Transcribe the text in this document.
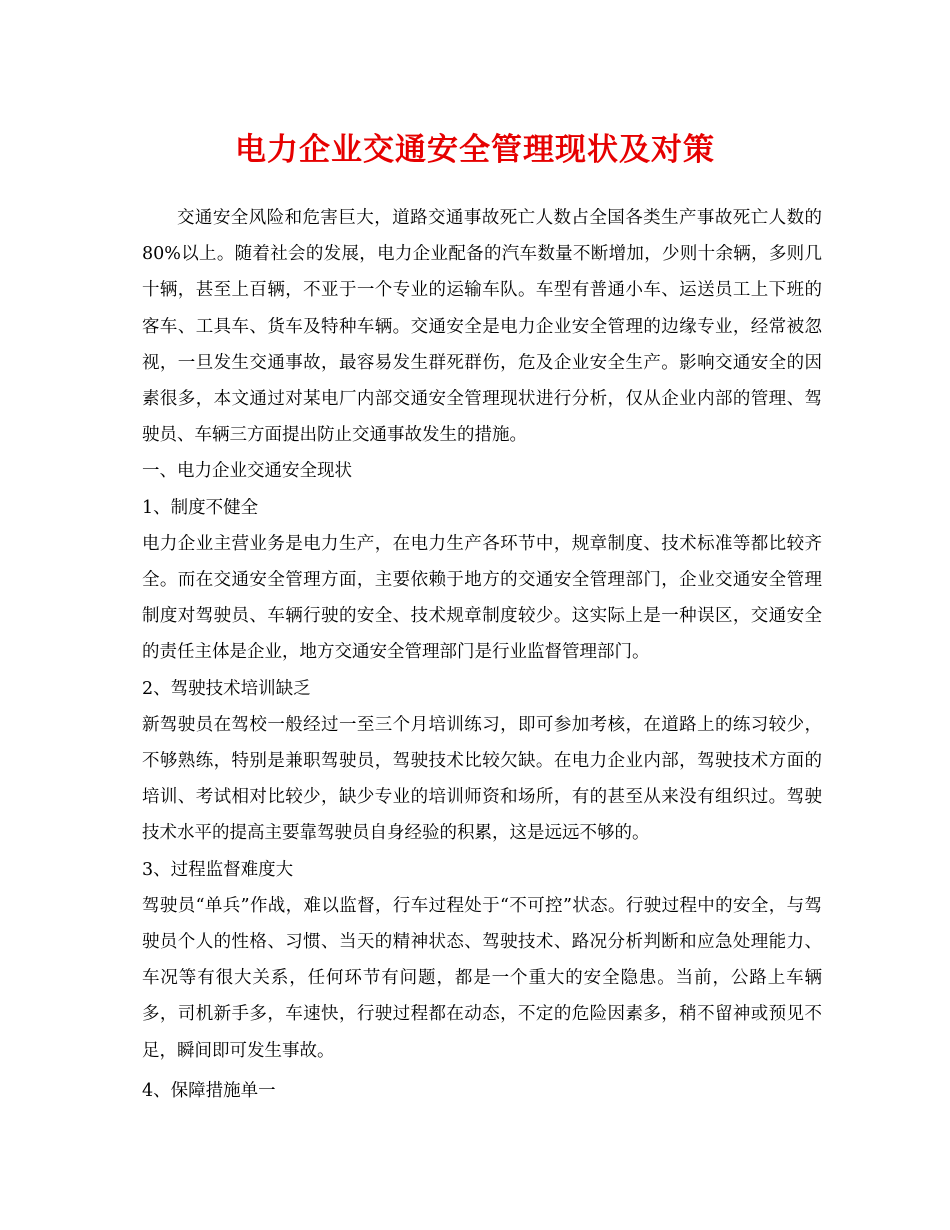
电力企业交通安全管理现状及对策

交通安全风险和危害巨大，道路交通事故死亡人数占全国各类生产事故死亡人数的80%以上。随着社会的发展，电力企业配备的汽车数量不断增加，少则十余辆，多则几十辆，甚至上百辆，不亚于一个专业的运输车队。车型有普通小车、运送员工上下班的客车、工具车、货车及特种车辆。交通安全是电力企业安全管理的边缘专业，经常被忽视，一旦发生交通事故，最容易发生群死群伤，危及企业安全生产。影响交通安全的因素很多，本文通过对某电厂内部交通安全管理现状进行分析，仅从企业内部的管理、驾驶员、车辆三方面提出防止交通事故发生的措施。

一、电力企业交通安全现状

1、制度不健全

电力企业主营业务是电力生产，在电力生产各环节中，规章制度、技术标准等都比较齐全。而在交通安全管理方面，主要依赖于地方的交通安全管理部门，企业交通安全管理制度对驾驶员、车辆行驶的安全、技术规章制度较少。这实际上是一种误区，交通安全的责任主体是企业，地方交通安全管理部门是行业监督管理部门。

2、驾驶技术培训缺乏

新驾驶员在驾校一般经过一至三个月培训练习，即可参加考核，在道路上的练习较少，不够熟练，特别是兼职驾驶员，驾驶技术比较欠缺。在电力企业内部，驾驶技术方面的培训、考试相对比较少，缺少专业的培训师资和场所，有的甚至从来没有组织过。驾驶技术水平的提高主要靠驾驶员自身经验的积累，这是远远不够的。

3、过程监督难度大

驾驶员“单兵”作战，难以监督，行车过程处于“不可控”状态。行驶过程中的安全，与驾驶员个人的性格、习惯、当天的精神状态、驾驶技术、路况分析判断和应急处理能力、车况等有很大关系，任何环节有问题，都是一个重大的安全隐患。当前，公路上车辆多，司机新手多，车速快，行驶过程都在动态，不定的危险因素多，稍不留神或预见不足，瞬间即可发生事故。

4、保障措施单一
